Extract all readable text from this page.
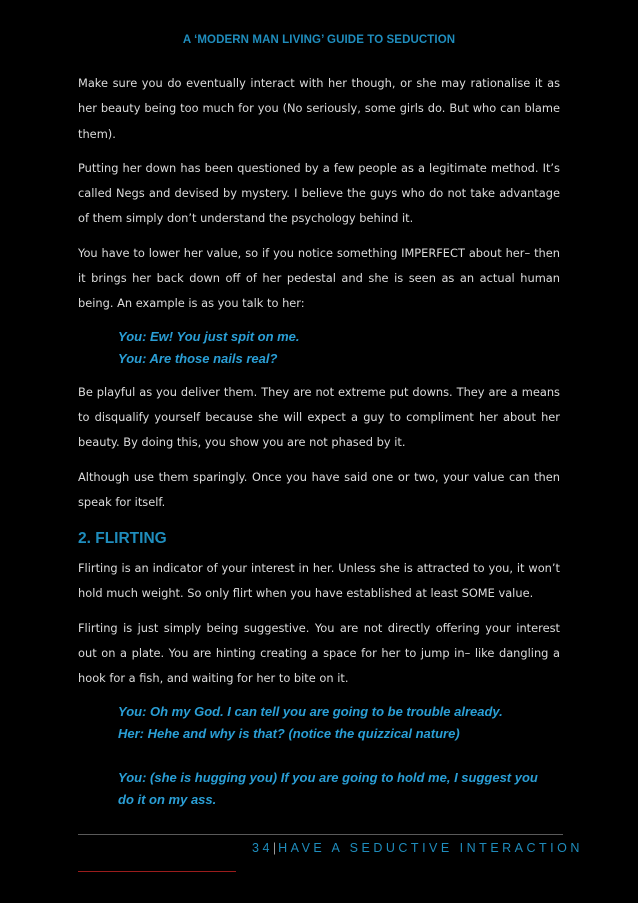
A ‘MODERN MAN LIVING’ GUIDE TO SEDUCTION

Make sure you do eventually interact with her though, or she may rationalise it as her beauty being too much for you (No seriously, some girls do. But who can blame them).

Putting her down has been questioned by a few people as a legitimate method. It’s called Negs and devised by mystery. I believe the guys who do not take advantage of them simply don’t understand the psychology behind it.

You have to lower her value, so if you notice something IMPERFECT about her– then it brings her back down off of her pedestal and she is seen as an actual human being. An example is as you talk to her:

You: Ew! You just spit on me.
You: Are those nails real?

Be playful as you deliver them. They are not extreme put downs. They are a means to disqualify yourself because she will expect a guy to compliment her about her beauty. By doing this, you show you are not phased by it.

Although use them sparingly. Once you have said one or two, your value can then speak for itself.

2. FLIRTING

Flirting is an indicator of your interest in her. Unless she is attracted to you, it won’t hold much weight. So only flirt when you have established at least SOME value.

Flirting is just simply being suggestive. You are not directly offering your interest out on a plate. You are hinting creating a space for her to jump in– like dangling a hook for a fish, and waiting for her to bite on it.

You: Oh my God. I can tell you are going to be trouble already.
Her: Hehe and why is that? (notice the quizzical nature)
You: (she is hugging you) If you are going to hold me, I suggest you
do it on my ass.
34|HAVE A SEDUCTIVE INTERACTION
